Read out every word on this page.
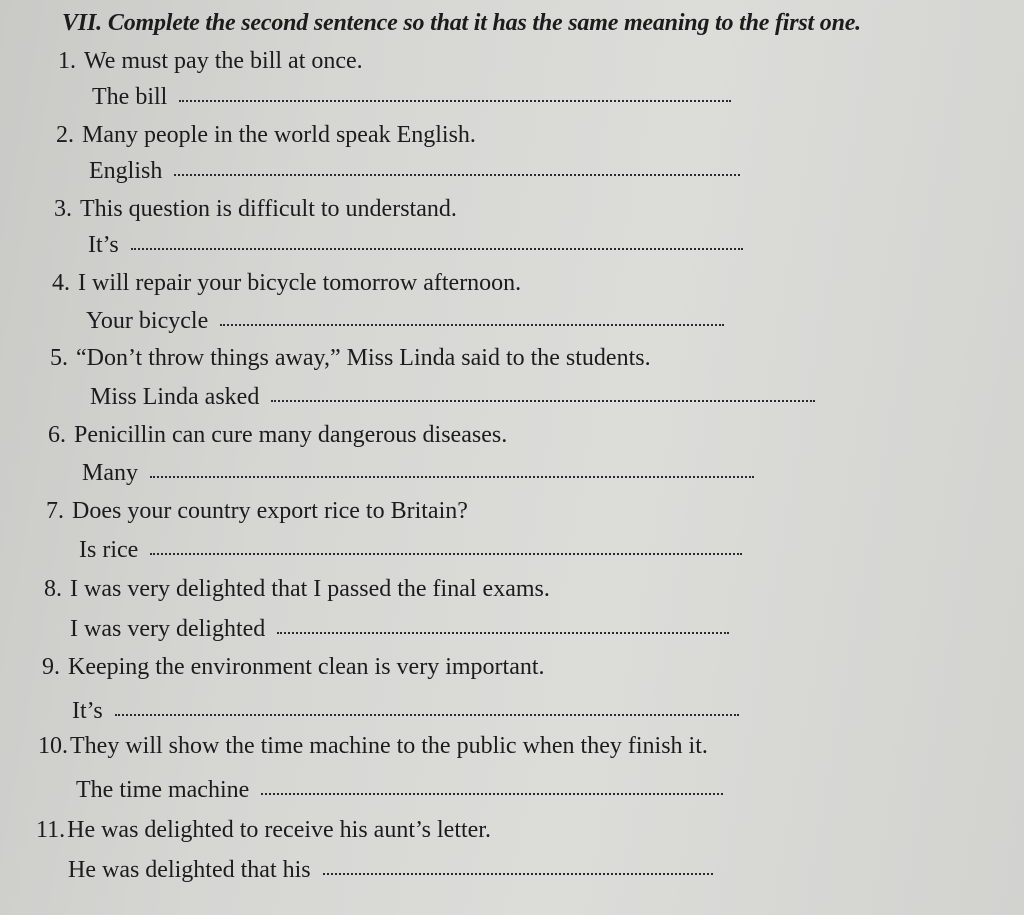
VII. Complete the second sentence so that it has the same meaning to the first one.
1. We must pay the bill at once.
The bill
2. Many people in the world speak English.
English
3. This question is difficult to understand.
It’s
4. I will repair your bicycle tomorrow afternoon.
Your bicycle
5. “Don’t throw things away,” Miss Linda said to the students.
Miss Linda asked
6. Penicillin can cure many dangerous diseases.
Many
7. Does your country export rice to Britain?
Is rice
8. I was very delighted that I passed the final exams.
I was very delighted
9. Keeping the environment clean is very important.
It’s
10.They will show the time machine to the public when they finish it.
The time machine
11.He was delighted to receive his aunt’s letter.
He was delighted that his
